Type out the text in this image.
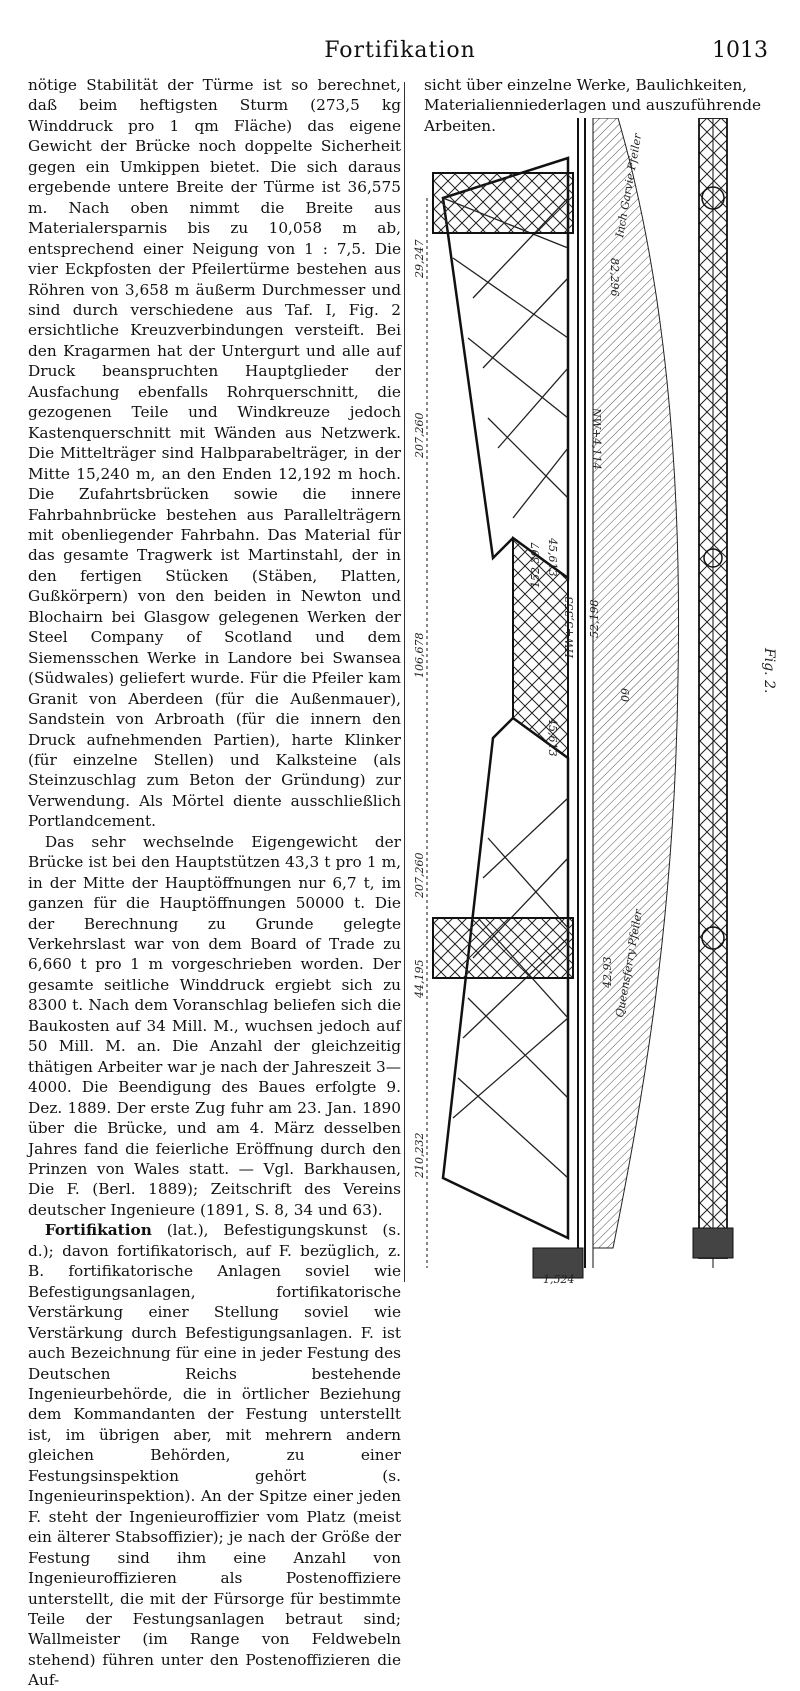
Fortifikation	1013

nötige Stabilität der Türme ist so berechnet, daß beim heftigsten Sturm (273,5 kg Winddruck pro 1 qm Fläche) das eigene Gewicht der Brücke noch doppelte Sicherheit gegen ein Umkippen bietet. Die sich daraus ergebende untere Breite der Türme ist 36,575 m. Nach oben nimmt die Breite aus Materialersparnis bis zu 10,058 m ab, entsprechend einer Neigung von 1 : 7,5. Die vier Eckpfosten der Pfeilertürme bestehen aus Röhren von 3,658 m äußerm Durchmesser und sind durch verschiedene aus Taf. I, Fig. 2 ersichtliche Kreuzverbindungen versteift. Bei den Kragarmen hat der Untergurt und alle auf Druck beanspruchten Hauptglieder der Ausfachung ebenfalls Rohrquerschnitt, die gezogenen Teile und Windkreuze jedoch Kastenquerschnitt mit Wänden aus Netzwerk. Die Mittelträger sind Halbparabelträger, in der Mitte 15,240 m, an den Enden 12,192 m hoch. Die Zufahrtsbrücken sowie die innere Fahrbahnbrücke bestehen aus Parallelträgern mit obenliegender Fahrbahn. Das Material für das gesamte Tragwerk ist Martinstahl, der in den fertigen Stücken (Stäben, Platten, Gußkörpern) von den beiden in Newton und Blochairn bei Glasgow gelegenen Werken der Steel Company of Scotland und dem Siemensschen Werke in Landore bei Swansea (Südwales) geliefert wurde. Für die Pfeiler kam Granit von Aberdeen (für die Außenmauer), Sandstein von Arbroath (für die innern den Druck aufnehmenden Partien), harte Klinker (für einzelne Stellen) und Kalksteine (als Steinzuschlag zum Beton der Gründung) zur Verwendung. Als Mörtel diente ausschließlich Portlandcement.

Das sehr wechselnde Eigengewicht der Brücke ist bei den Hauptstützen 43,3 t pro 1 m, in der Mitte der Hauptöffnungen nur 6,7 t, im ganzen für die Hauptöffnungen 50000 t. Die der Berechnung zu Grunde gelegte Verkehrslast war von dem Board of Trade zu 6,660 t pro 1 m vorgeschrieben worden. Der gesamte seitliche Winddruck ergiebt sich zu 8300 t. Nach dem Voranschlag beliefen sich die Baukosten auf 34 Mill. M., wuchsen jedoch auf 50 Mill. M. an. Die Anzahl der gleichzeitig thätigen Arbeiter war je nach der Jahreszeit 3—4000. Die Beendigung des Baues erfolgte 9. Dez. 1889. Der erste Zug fuhr am 23. Jan. 1890 über die Brücke, und am 4. März desselben Jahres fand die feierliche Eröffnung durch den Prinzen von Wales statt. — Vgl. Barkhausen, Die F. (Berl. 1889); Zeitschrift des Vereins deutscher Ingenieure (1891, S. 8, 34 und 63).

Fortifikation (lat.), Befestigungskunst (s. d.); davon fortifikatorisch, auf F. bezüglich, z. B. fortifikatorische Anlagen soviel wie Befestigungsanlagen, fortifikatorische Verstärkung einer Stellung soviel wie Verstärkung durch Befestigungsanlagen. F. ist auch Bezeichnung für eine in jeder Festung des Deutschen Reichs bestehende Ingenieurbehörde, die in örtlicher Beziehung dem Kommandanten der Festung unterstellt ist, im übrigen aber, mit mehrern andern gleichen Behörden, zu einer Festungsinspektion gehört (s. Ingenieurinspektion). An der Spitze einer jeden F. steht der Ingenieuroffizier vom Platz (meist ein älterer Stabsoffizier); je nach der Größe der Festung sind ihm eine Anzahl von Ingenieuroffizieren als Postenoffiziere unterstellt, die mit der Fürsorge für bestimmte Teile der Festungsanlagen betraut sind; Wallmeister (im Range von Feldwebeln stehend) führen unter den Postenoffizieren die Auf-

sicht über einzelne Werke, Baulichkeiten, Materialienniederlagen und auszuführende Arbeiten.
29,247
207,260
106,678
207,260
44,195
210,232
1,524
82,296
NW+4,114
45,613
152,397
HW+3,353 52,198
60
45,613
42,93
Inch Garvie Pfeiler
Queensferry Pfeiler
Fig. 2.
